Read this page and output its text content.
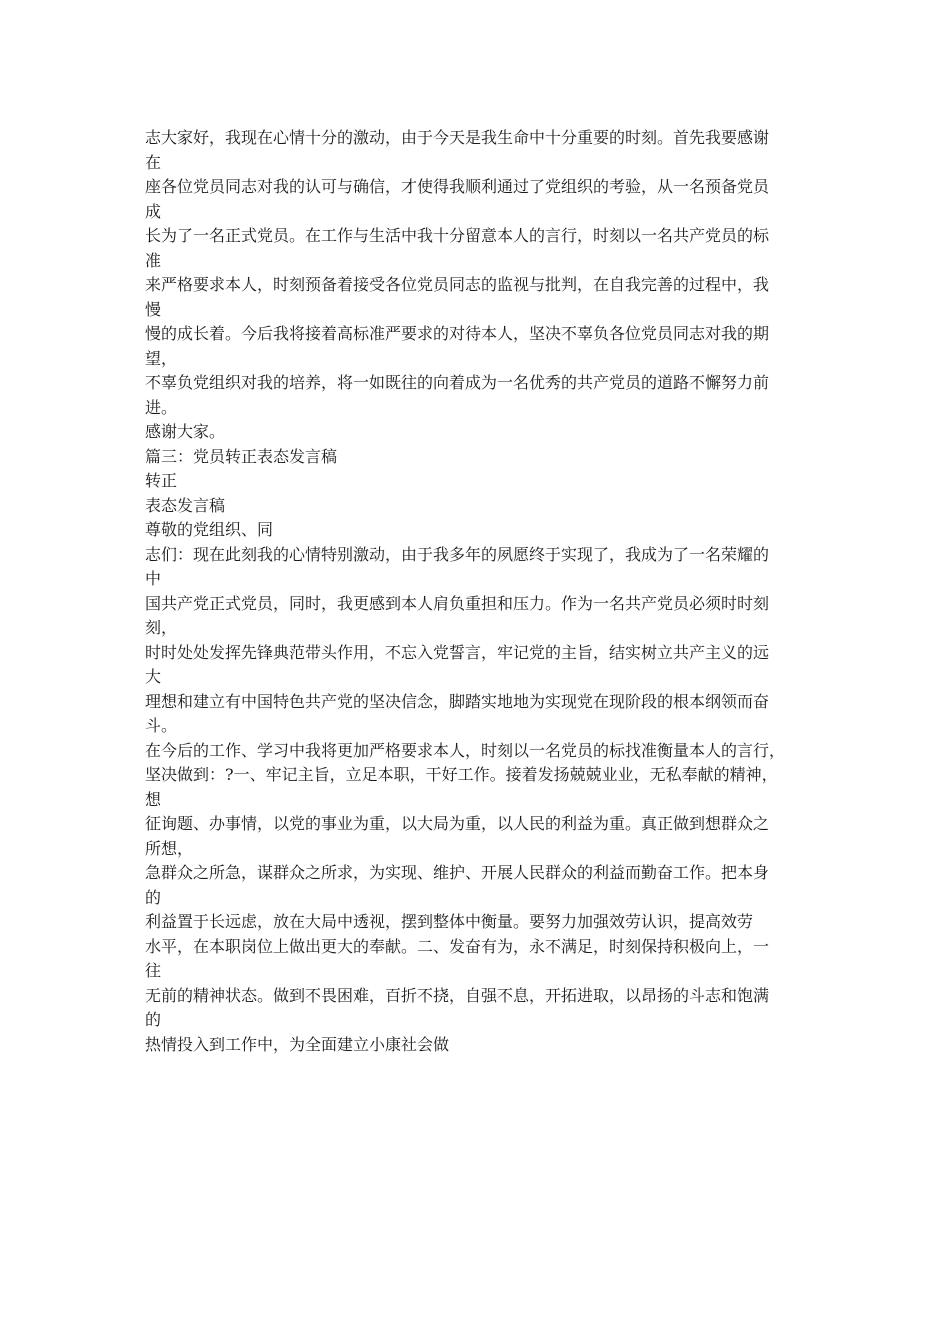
志大家好，我现在心情十分的激动，由于今天是我生命中十分重要的时刻。首先我要感谢
在
座各位党员同志对我的认可与确信，才使得我顺利通过了党组织的考验，从一名预备党员
成
长为了一名正式党员。在工作与生活中我十分留意本人的言行，时刻以一名共产党员的标
准
来严格要求本人，时刻预备着接受各位党员同志的监视与批判，在自我完善的过程中，我
慢
慢的成长着。今后我将接着高标准严要求的对待本人，坚决不辜负各位党员同志对我的期
望，
不辜负党组织对我的培养，将一如既往的向着成为一名优秀的共产党员的道路不懈努力前
进。
感谢大家。
篇三：党员转正表态发言稿
转正
表态发言稿
尊敬的党组织、同
志们：现在此刻我的心情特别激动，由于我多年的夙愿终于实现了，我成为了一名荣耀的
中
国共产党正式党员，同时，我更感到本人肩负重担和压力。作为一名共产党员必须时时刻
刻，
时时处处发挥先锋典范带头作用，不忘入党誓言，牢记党的主旨，结实树立共产主义的远
大
理想和建立有中国特色共产党的坚决信念，脚踏实地地为实现党在现阶段的根本纲领而奋
斗。
在今后的工作、学习中我将更加严格要求本人，时刻以一名党员的标找准衡量本人的言行，
坚决做到：?一、牢记主旨，立足本职，干好工作。接着发扬兢兢业业，无私奉献的精神，
想
征询题、办事情，以党的事业为重，以大局为重，以人民的利益为重。真正做到想群众之
所想，
急群众之所急，谋群众之所求，为实现、维护、开展人民群众的利益而勤奋工作。把本身
的
利益置于长远虑，放在大局中透视，摆到整体中衡量。要努力加强效劳认识，提高效劳
水平，在本职岗位上做出更大的奉献。二、发奋有为，永不满足，时刻保持积极向上，一
往
无前的精神状态。做到不畏困难，百折不挠，自强不息，开拓进取，以昂扬的斗志和饱满
的
热情投入到工作中，为全面建立小康社会做
